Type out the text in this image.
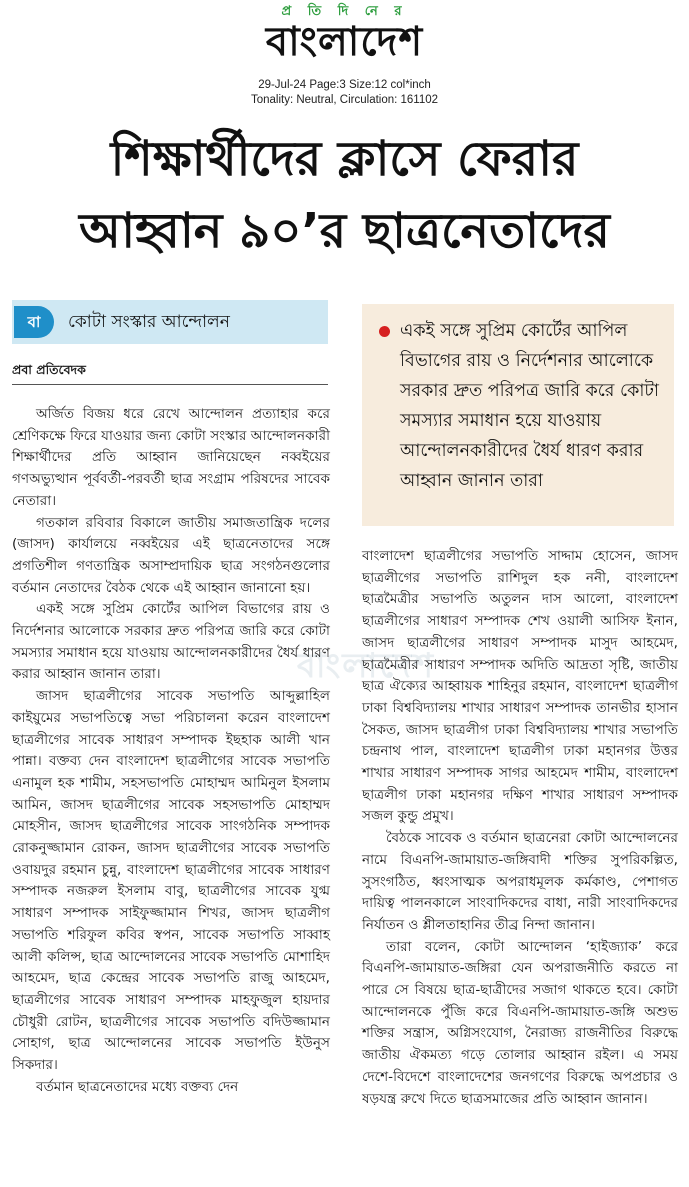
প্র তি দি নে র
বাংলাদেশ
29-Jul-24 Page:3 Size:12 col*inch
Tonality: Neutral, Circulation: 161102
শিক্ষার্থীদের ক্লাসে ফেরার
আহ্বান ৯০’র ছাত্রনেতাদের
বা	কোটা সংস্কার আন্দোলন
প্রবা প্রতিবেদক
একই সঙ্গে সুপ্রিম কোর্টের আপিল বিভাগের রায় ও নির্দেশনার আলোকে সরকার দ্রুত পরিপত্র জারি করে কোটা সমস্যার সমাধান হয়ে যাওয়ায় আন্দোলনকারীদের ধৈর্য ধারণ করার আহ্বান জানান তারা
বাংলাদেশ

অর্জিত বিজয় ধরে রেখে আন্দোলন প্রত্যাহার করে শ্রেণিকক্ষে ফিরে যাওয়ার জন্য কোটা সংস্কার আন্দোলনকারী শিক্ষার্থীদের প্রতি আহ্বান জানিয়েছেন নব্বইয়ের গণঅভ্যুত্থান পূর্ববর্তী-পরবর্তী ছাত্র সংগ্রাম পরিষদের সাবেক নেতারা।

গতকাল রবিবার বিকালে জাতীয় সমাজতান্ত্রিক দলের (জাসদ) কার্যালয়ে নব্বইয়ের এই ছাত্রনেতাদের সঙ্গে প্রগতিশীল গণতান্ত্রিক অসাম্প্রদায়িক ছাত্র সংগঠনগুলোর বর্তমান নেতাদের বৈঠক থেকে এই আহ্বান জানানো হয়।

একই সঙ্গে সুপ্রিম কোর্টের আপিল বিভাগের রায় ও নির্দেশনার আলোকে সরকার দ্রুত পরিপত্র জারি করে কোটা সমস্যার সমাধান হয়ে যাওয়ায় আন্দোলনকারীদের ধৈর্য ধারণ করার আহ্বান জানান তারা।

জাসদ ছাত্রলীগের সাবেক সভাপতি আব্দুল্লাহিল কাইয়ুমের সভাপতিত্বে সভা পরিচালনা করেন বাংলাদেশ ছাত্রলীগের সাবেক সাধারণ সম্পাদক ইছহাক আলী খান পান্না। বক্তব্য দেন বাংলাদেশ ছাত্রলীগের সাবেক সভাপতি এনামুল হক শামীম, সহসভাপতি মোহাম্মদ আমিনুল ইসলাম আমিন, জাসদ ছাত্রলীগের সাবেক সহসভাপতি মোহাম্মদ মোহসীন, জাসদ ছাত্রলীগের সাবেক সাংগঠনিক সম্পাদক রোকনুজ্জামান রোকন, জাসদ ছাত্রলীগের সাবেক সভাপতি ওবায়দুর রহমান চুন্নু, বাংলাদেশ ছাত্রলীগের সাবেক সাধারণ সম্পাদক নজরুল ইসলাম বাবু, ছাত্রলীগের সাবেক যুগ্ম সাধারণ সম্পাদক সাইফুজ্জামান শিখর, জাসদ ছাত্রলীগ সভাপতি শরিফুল কবির স্বপন, সাবেক সভাপতি সাব্বাহ আলী কলিন্স, ছাত্র আন্দোলনের সাবেক সভাপতি মোশাহিদ আহমেদ, ছাত্র কেন্দ্রের সাবেক সভাপতি রাজু আহমেদ, ছাত্রলীগের সাবেক সাধারণ সম্পাদক মাহফুজুল হায়দার চৌধুরী রোটন, ছাত্রলীগের সাবেক সভাপতি বদিউজ্জামান সোহাগ, ছাত্র আন্দোলনের সাবেক সভাপতি ইউনুস সিকদার।

বর্তমান ছাত্রনেতাদের মধ্যে বক্তব্য দেন

বাংলাদেশ ছাত্রলীগের সভাপতি সাদ্দাম হোসেন, জাসদ ছাত্রলীগের সভাপতি রাশিদুল হক ননী, বাংলাদেশ ছাত্রমৈত্রীর সভাপতি অতুলন দাস আলো, বাংলাদেশ ছাত্রলীগের সাধারণ সম্পাদক শেখ ওয়ালী আসিফ ইনান, জাসদ ছাত্রলীগের সাধারণ সম্পাদক মাসুদ আহমেদ, ছাত্রমৈত্রীর সাধারণ সম্পাদক অদিতি আদ্রতা সৃষ্টি, জাতীয় ছাত্র ঐক্যের আহ্বায়ক শাহিনুর রহমান, বাংলাদেশ ছাত্রলীগ ঢাকা বিশ্ববিদ্যালয় শাখার সাধারণ সম্পাদক তানভীর হাসান সৈকত, জাসদ ছাত্রলীগ ঢাকা বিশ্ববিদ্যালয় শাখার সভাপতি চন্দ্রনাথ পাল, বাংলাদেশ ছাত্রলীগ ঢাকা মহানগর উত্তর শাখার সাধারণ সম্পাদক সাগর আহমেদ শামীম, বাংলাদেশ ছাত্রলীগ ঢাকা মহানগর দক্ষিণ শাখার সাধারণ সম্পাদক সজল কুন্ডু প্রমুখ।

বৈঠকে সাবেক ও বর্তমান ছাত্রনেরা কোটা আন্দোলনের নামে বিএনপি-জামায়াত-জঙ্গিবাদী শক্তির সুপরিকল্পিত, সুসংগঠিত, ধ্বংসাত্মক অপরাধমূলক কর্মকাণ্ড, পেশাগত দায়িত্ব পালনকালে সাংবাদিকদের বাধা, নারী সাংবাদিকদের নির্যাতন ও শ্লীলতাহানির তীব্র নিন্দা জানান।

তারা বলেন, কোটা আন্দোলন ‘হাইজ্যাক’ করে বিএনপি-জামায়াত-জঙ্গিরা যেন অপরাজনীতি করতে না পারে সে বিষয়ে ছাত্র-ছাত্রীদের সজাগ থাকতে হবে। কোটা আন্দোলনকে পুঁজি করে বিএনপি-জামায়াত-জঙ্গি অশুভ শক্তির সন্ত্রাস, অগ্নিসংযোগ, নৈরাজ্য রাজনীতির বিরুদ্ধে জাতীয় ঐকমত্য গড়ে তোলার আহ্বান রইল। এ সময় দেশে-বিদেশে বাংলাদেশের জনগণের বিরুদ্ধে অপপ্রচার ও ষড়যন্ত্র রুখে দিতে ছাত্রসমাজের প্রতি আহ্বান জানান।
